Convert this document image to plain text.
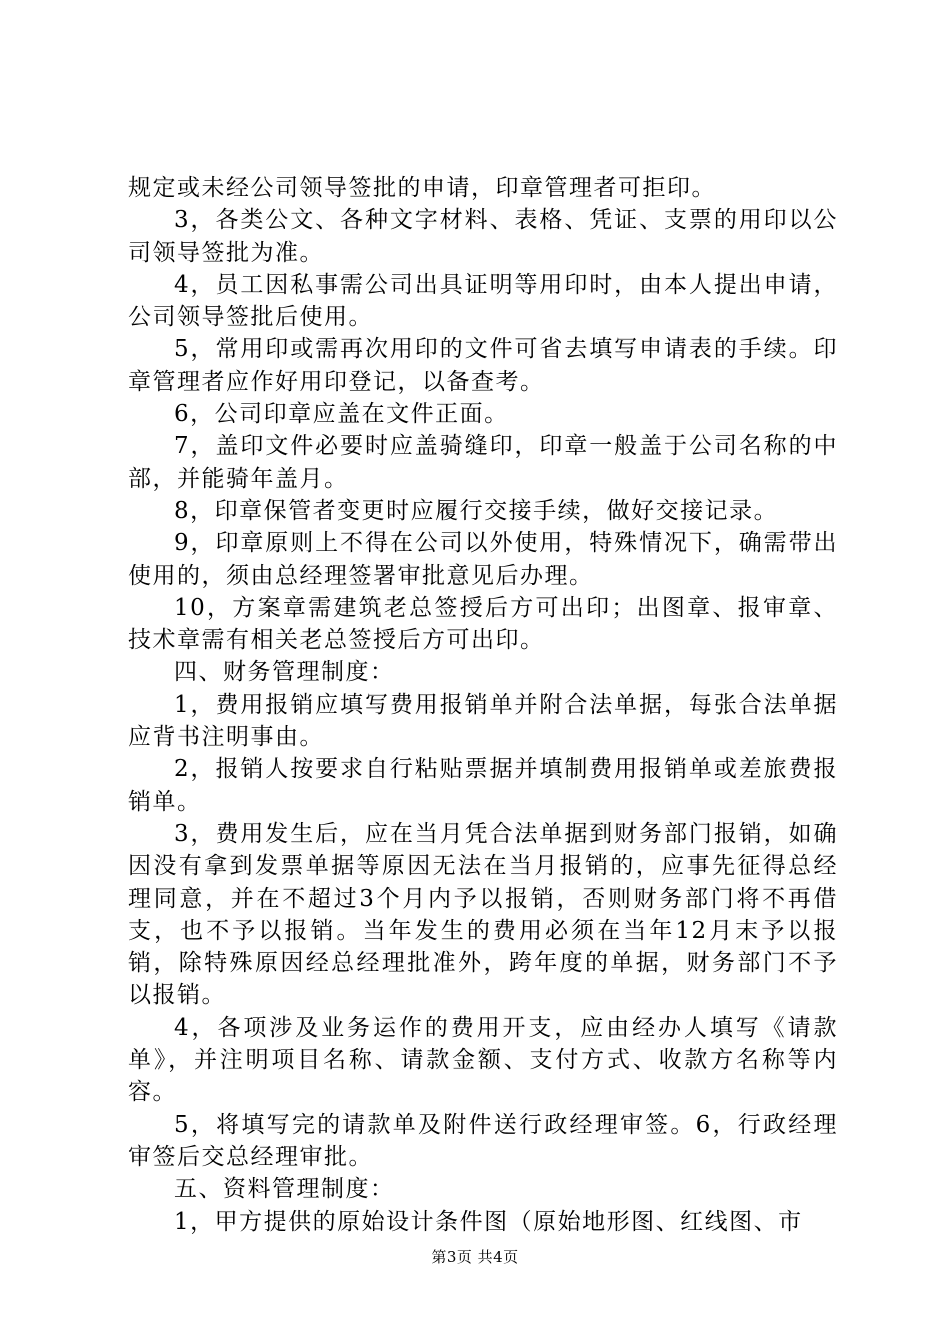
规定或未经公司领导签批的申请，印章管理者可拒印。

3，各类公文、各种文字材料、表格、凭证、支票的用印以公司领导签批为准。

4，员工因私事需公司出具证明等用印时，由本人提出申请，公司领导签批后使用。

5，常用印或需再次用印的文件可省去填写申请表的手续。印章管理者应作好用印登记，以备查考。

6，公司印章应盖在文件正面。

7，盖印文件必要时应盖骑缝印，印章一般盖于公司名称的中部，并能骑年盖月。

8，印章保管者变更时应履行交接手续，做好交接记录。

9，印章原则上不得在公司以外使用，特殊情况下，确需带出使用的，须由总经理签署审批意见后办理。

10，方案章需建筑老总签授后方可出印；出图章、报审章、技术章需有相关老总签授后方可出印。

四、财务管理制度：

1，费用报销应填写费用报销单并附合法单据，每张合法单据应背书注明事由。

2，报销人按要求自行粘贴票据并填制费用报销单或差旅费报销单。

3，费用发生后，应在当月凭合法单据到财务部门报销，如确因没有拿到发票单据等原因无法在当月报销的，应事先征得总经理同意，并在不超过3个月内予以报销，否则财务部门将不再借支，也不予以报销。当年发生的费用必须在当年12月末予以报销，除特殊原因经总经理批准外，跨年度的单据，财务部门不予以报销。

4，各项涉及业务运作的费用开支，应由经办人填写《请款单》，并注明项目名称、请款金额、支付方式、收款方名称等内容。

5，将填写完的请款单及附件送行政经理审签。6，行政经理审签后交总经理审批。

五、资料管理制度：

1，甲方提供的原始设计条件图（原始地形图、红线图、市

第3页 共4页
